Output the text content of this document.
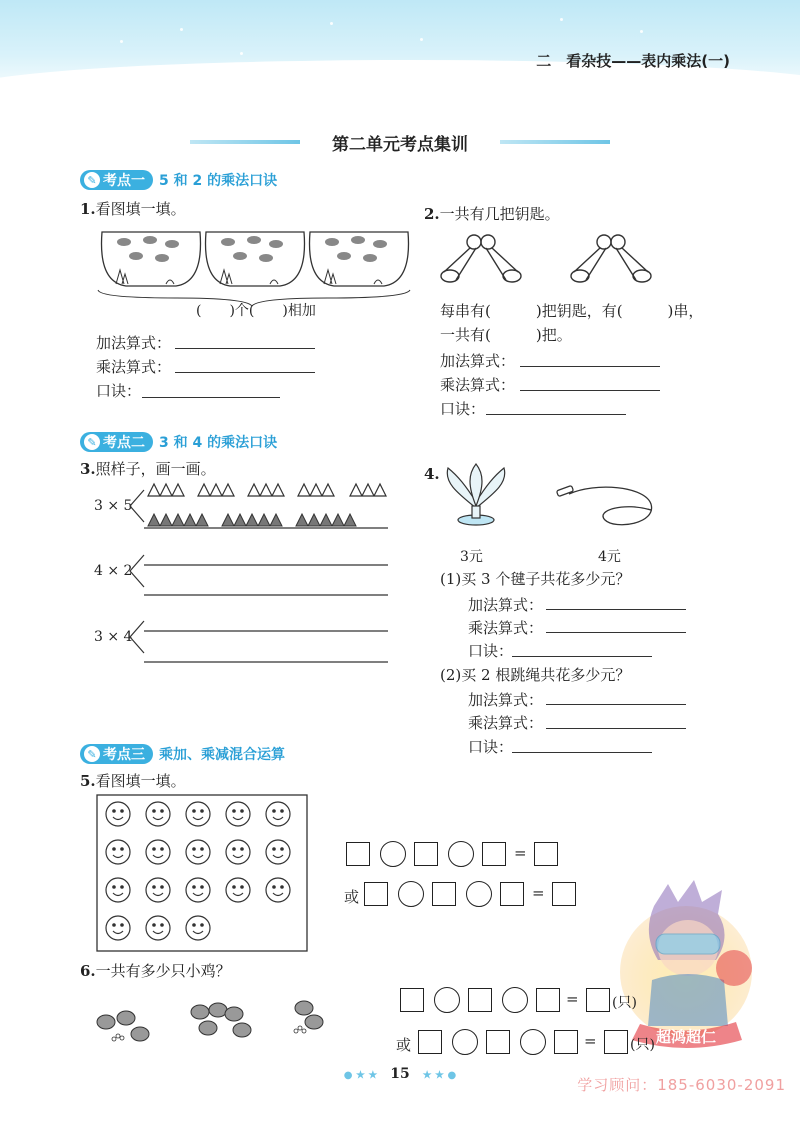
二　看杂技——表内乘法(一)
第二单元考点集训
✎ 考点一 5 和 2 的乘法口诀
1.看图填一填。
(　　)个(　　)相加
加法算式：
乘法算式：
口诀：
2.一共有几把钥匙。
每串有(　　　)把钥匙，有(　　　)串，
一共有(　　　)把。
加法算式：
乘法算式：
口诀：
✎ 考点二 3 和 4 的乘法口诀
3.照样子，画一画。
3 × 5
4 × 2
3 × 4
4.
3元	4元
(1)买 3 个毽子共花多少元？
加法算式：
乘法算式：
口诀：
(2)买 2 根跳绳共花多少元？
加法算式：
乘法算式：
口诀：
✎ 考点三 乘加、乘减混合运算
5.看图填一填。
=
或	=
超鸿超仁
6.一共有多少只小鸡？
= (只)
或	= (只)
● ★ ★ 15 ★ ★ ●
学习顾问：185-6030-2091
